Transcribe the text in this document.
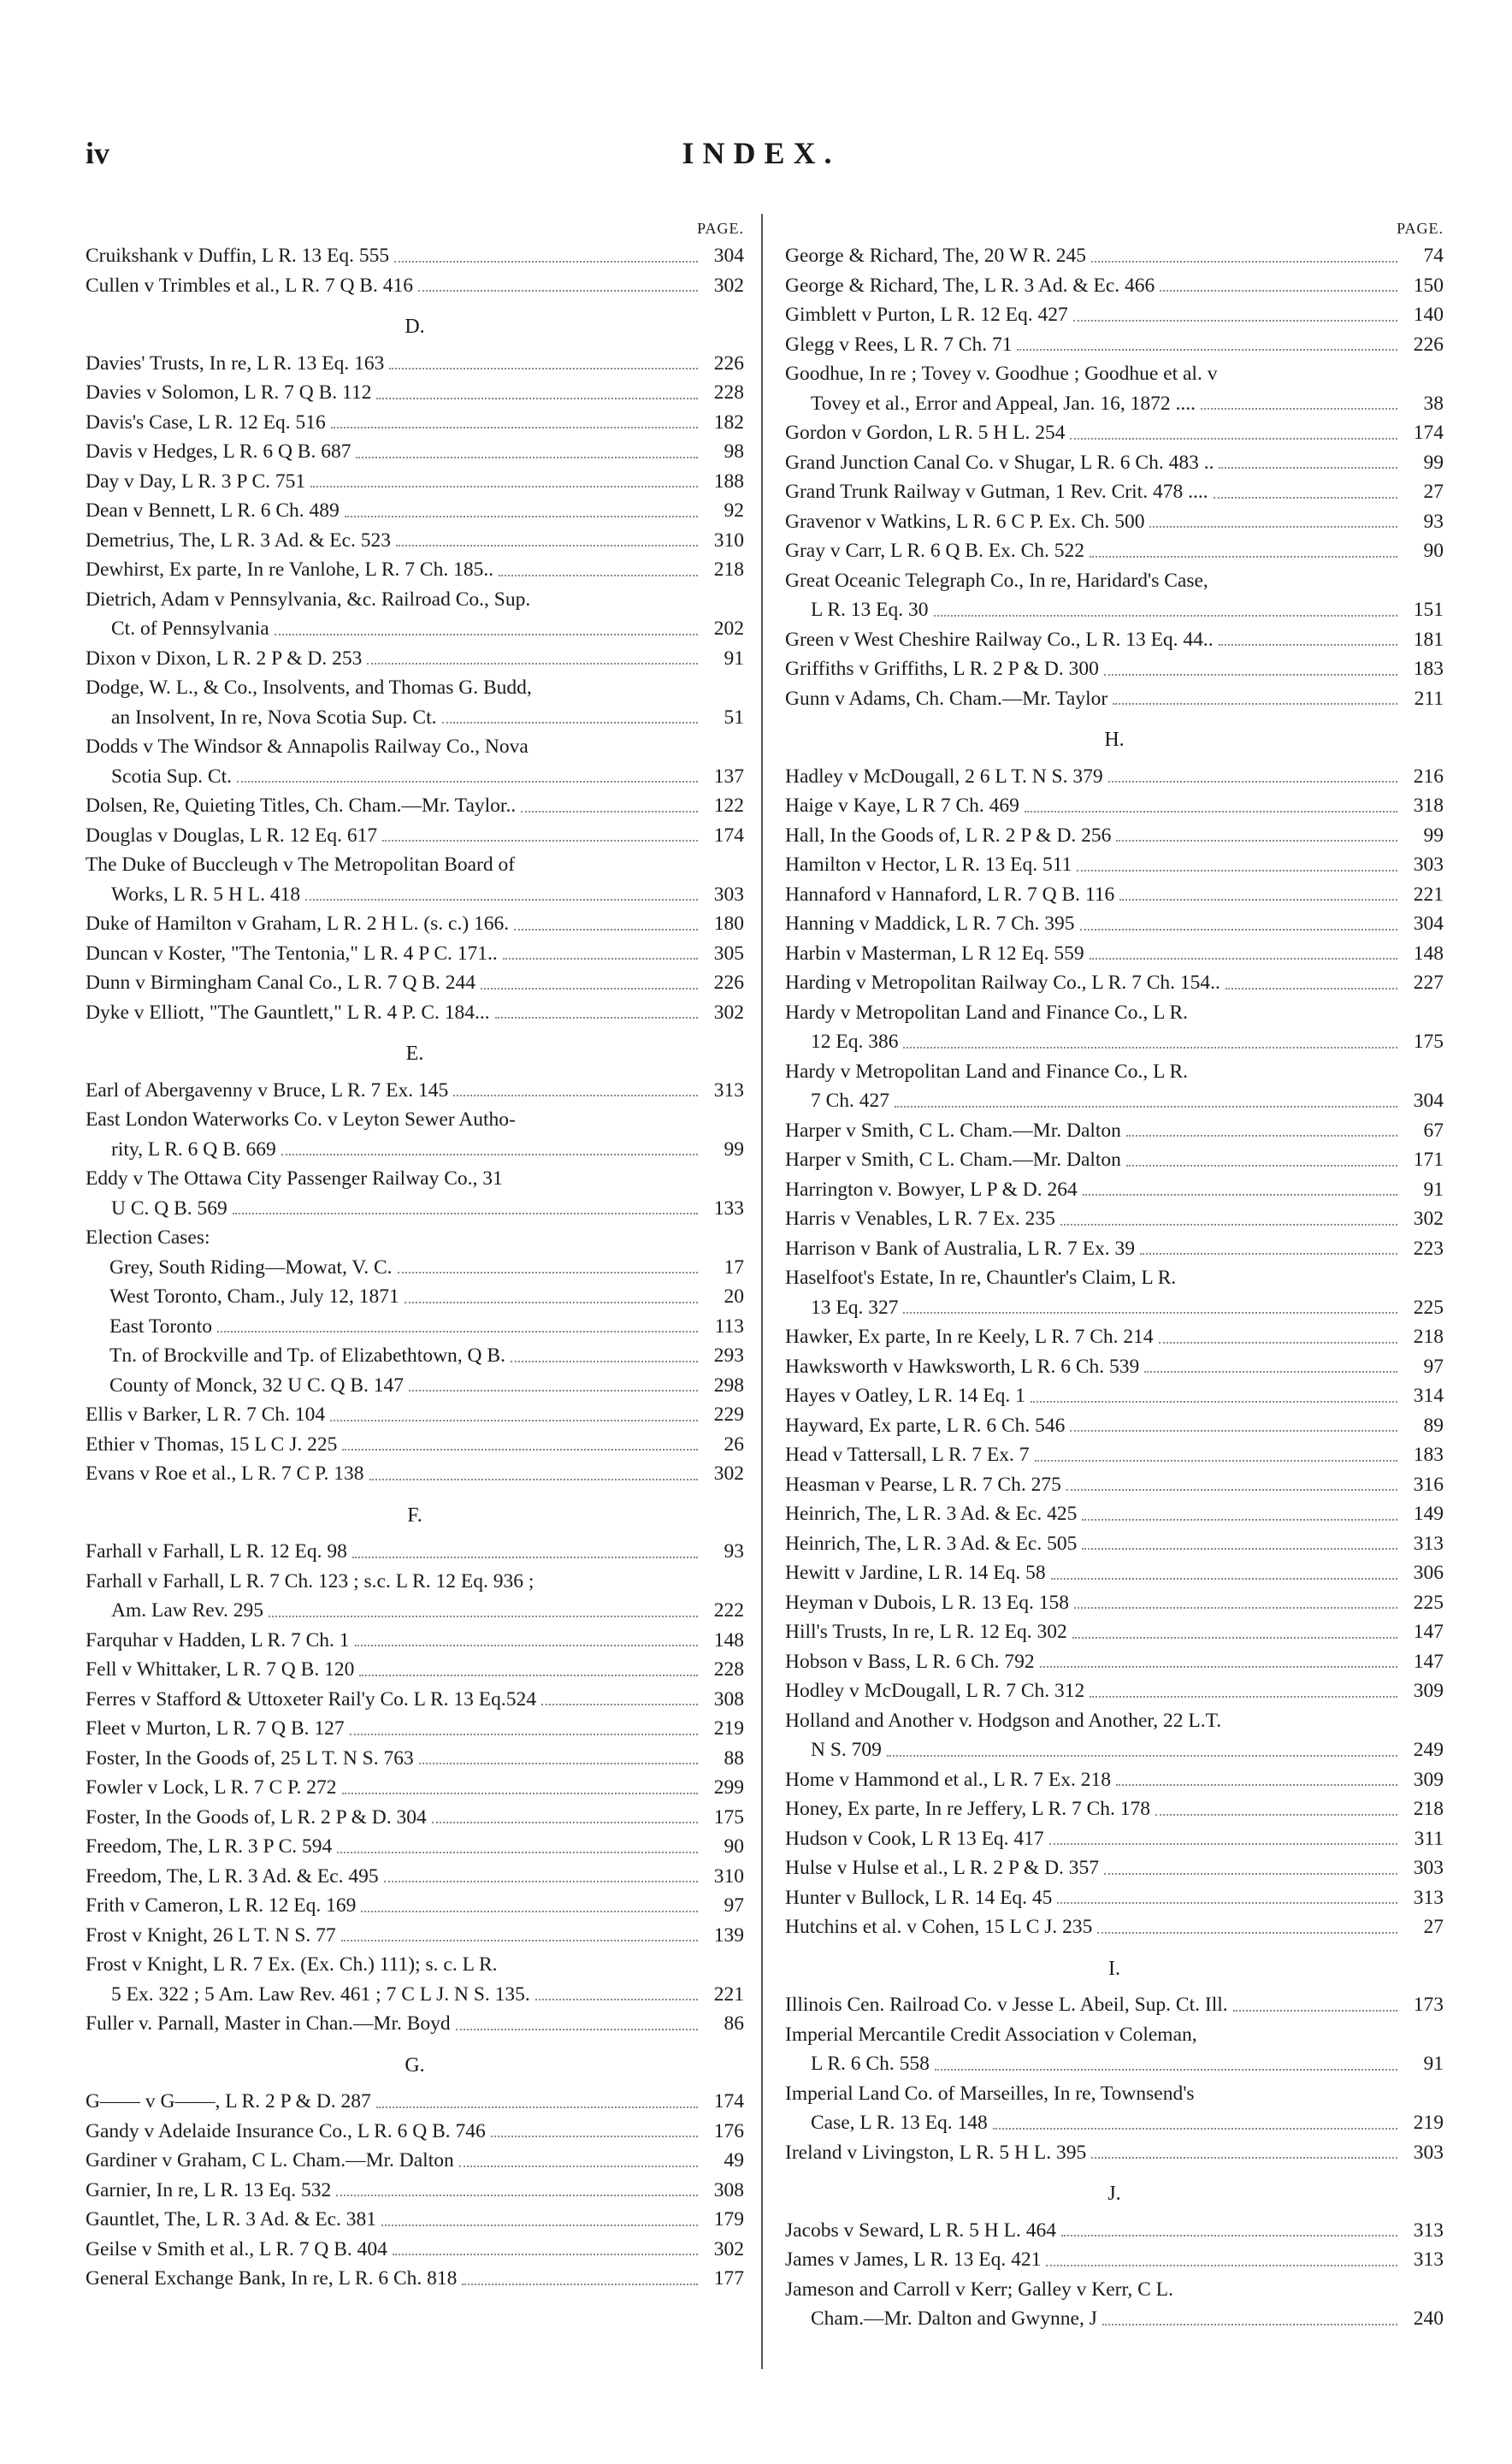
iv	INDEX.
PAGE.
Cruikshank v Duffin, L R. 13 Eq. 555	304
Cullen v Trimbles et al., L R. 7 Q B. 416	302
D.
Davies' Trusts, In re, L R. 13 Eq. 163	226
Davies v Solomon, L R. 7 Q B. 112	228
Davis's Case, L R. 12 Eq. 516	182
Davis v Hedges, L R. 6 Q B. 687	98
Day v Day, L R. 3 P C. 751	188
Dean v Bennett, L R. 6 Ch. 489	92
Demetrius, The, L R. 3 Ad. & Ec. 523	310
Dewhirst, Ex parte, In re Vanlohe, L R. 7 Ch. 185..	218
Dietrich, Adam v Pennsylvania, &c. Railroad Co., Sup.
Ct. of Pennsylvania	202
Dixon v Dixon, L R. 2 P & D. 253	91
Dodge, W. L., & Co., Insolvents, and Thomas G. Budd,
an Insolvent, In re, Nova Scotia Sup. Ct.	51
Dodds v The Windsor & Annapolis Railway Co., Nova
Scotia Sup. Ct.	137
Dolsen, Re, Quieting Titles, Ch. Cham.—Mr. Taylor..	122
Douglas v Douglas, L R. 12 Eq. 617	174
The Duke of Buccleugh v The Metropolitan Board of
Works, L R. 5 H L. 418	303
Duke of Hamilton v Graham, L R. 2 H L. (s. c.) 166.	180
Duncan v Koster, "The Tentonia," L R. 4 P C. 171..	305
Dunn v Birmingham Canal Co., L R. 7 Q B. 244	226
Dyke v Elliott, "The Gauntlett," L R. 4 P. C. 184...	302
E.
Earl of Abergavenny v Bruce, L R. 7 Ex. 145	313
East London Waterworks Co. v Leyton Sewer Autho-
rity, L R. 6 Q B. 669	99
Eddy v The Ottawa City Passenger Railway Co., 31
U C. Q B. 569	133
Election Cases:
Grey, South Riding—Mowat, V. C.	17
West Toronto, Cham., July 12, 1871	20
East Toronto	113
Tn. of Brockville and Tp. of Elizabethtown, Q B.	293
County of Monck, 32 U C. Q B. 147	298
Ellis v Barker, L R. 7 Ch. 104	229
Ethier v Thomas, 15 L C J. 225	26
Evans v Roe et al., L R. 7 C P. 138	302
F.
Farhall v Farhall, L R. 12 Eq. 98	93
Farhall v Farhall, L R. 7 Ch. 123 ; s.c. L R. 12 Eq. 936 ;
Am. Law Rev. 295	222
Farquhar v Hadden, L R. 7 Ch. 1	148
Fell v Whittaker, L R. 7 Q B. 120	228
Ferres v Stafford & Uttoxeter Rail'y Co. L R. 13 Eq.524	308
Fleet v Murton, L R. 7 Q B. 127	219
Foster, In the Goods of, 25 L T. N S. 763	88
Fowler v Lock, L R. 7 C P. 272	299
Foster, In the Goods of, L R. 2 P & D. 304	175
Freedom, The, L R. 3 P C. 594	90
Freedom, The, L R. 3 Ad. & Ec. 495	310
Frith v Cameron, L R. 12 Eq. 169	97
Frost v Knight, 26 L T. N S. 77	139
Frost v Knight, L R. 7 Ex. (Ex. Ch.) 111); s. c. L R.
5 Ex. 322 ; 5 Am. Law Rev. 461 ; 7 C L J. N S. 135.	221
Fuller v. Parnall, Master in Chan.—Mr. Boyd	86
G.
G—— v G——, L R. 2 P & D. 287	174
Gandy v Adelaide Insurance Co., L R. 6 Q B. 746	176
Gardiner v Graham, C L. Cham.—Mr. Dalton	49
Garnier, In re, L R. 13 Eq. 532	308
Gauntlet, The, L R. 3 Ad. & Ec. 381	179
Geilse v Smith et al., L R. 7 Q B. 404	302
General Exchange Bank, In re, L R. 6 Ch. 818	177
PAGE.
George & Richard, The, 20 W R. 245	74
George & Richard, The, L R. 3 Ad. & Ec. 466	150
Gimblett v Purton, L R. 12 Eq. 427	140
Glegg v Rees, L R. 7 Ch. 71	226
Goodhue, In re ; Tovey v. Goodhue ; Goodhue et al. v
Tovey et al., Error and Appeal, Jan. 16, 1872 ....	38
Gordon v Gordon, L R. 5 H L. 254	174
Grand Junction Canal Co. v Shugar, L R. 6 Ch. 483 ..	99
Grand Trunk Railway v Gutman, 1 Rev. Crit. 478 ....	27
Gravenor v Watkins, L R. 6 C P. Ex. Ch. 500	93
Gray v Carr, L R. 6 Q B. Ex. Ch. 522	90
Great Oceanic Telegraph Co., In re, Haridard's Case,
L R. 13 Eq. 30	151
Green v West Cheshire Railway Co., L R. 13 Eq. 44..	181
Griffiths v Griffiths, L R. 2 P & D. 300	183
Gunn v Adams, Ch. Cham.—Mr. Taylor	211
H.
Hadley v McDougall, 2 6 L T. N S. 379	216
Haige v Kaye, L R 7 Ch. 469	318
Hall, In the Goods of, L R. 2 P & D. 256	99
Hamilton v Hector, L R. 13 Eq. 511	303
Hannaford v Hannaford, L R. 7 Q B. 116	221
Hanning v Maddick, L R. 7 Ch. 395	304
Harbin v Masterman, L R 12 Eq. 559	148
Harding v Metropolitan Railway Co., L R. 7 Ch. 154..	227
Hardy v Metropolitan Land and Finance Co., L R.
12 Eq. 386	175
Hardy v Metropolitan Land and Finance Co., L R.
7 Ch. 427	304
Harper v Smith, C L. Cham.—Mr. Dalton	67
Harper v Smith, C L. Cham.—Mr. Dalton	171
Harrington v. Bowyer, L P & D. 264	91
Harris v Venables, L R. 7 Ex. 235	302
Harrison v Bank of Australia, L R. 7 Ex. 39	223
Haselfoot's Estate, In re, Chauntler's Claim, L R.
13 Eq. 327	225
Hawker, Ex parte, In re Keely, L R. 7 Ch. 214	218
Hawksworth v Hawksworth, L R. 6 Ch. 539	97
Hayes v Oatley, L R. 14 Eq. 1	314
Hayward, Ex parte, L R. 6 Ch. 546	89
Head v Tattersall, L R. 7 Ex. 7	183
Heasman v Pearse, L R. 7 Ch. 275	316
Heinrich, The, L R. 3 Ad. & Ec. 425	149
Heinrich, The, L R. 3 Ad. & Ec. 505	313
Hewitt v Jardine, L R. 14 Eq. 58	306
Heyman v Dubois, L R. 13 Eq. 158	225
Hill's Trusts, In re, L R. 12 Eq. 302	147
Hobson v Bass, L R. 6 Ch. 792	147
Hodley v McDougall, L R. 7 Ch. 312	309
Holland and Another v. Hodgson and Another, 22 L.T.
N S. 709	249
Home v Hammond et al., L R. 7 Ex. 218	309
Honey, Ex parte, In re Jeffery, L R. 7 Ch. 178	218
Hudson v Cook, L R 13 Eq. 417	311
Hulse v Hulse et al., L R. 2 P & D. 357	303
Hunter v Bullock, L R. 14 Eq. 45	313
Hutchins et al. v Cohen, 15 L C J. 235	27
I.
Illinois Cen. Railroad Co. v Jesse L. Abeil, Sup. Ct. Ill.	173
Imperial Mercantile Credit Association v Coleman,
L R. 6 Ch. 558	91
Imperial Land Co. of Marseilles, In re, Townsend's
Case, L R. 13 Eq. 148	219
Ireland v Livingston, L R. 5 H L. 395	303
J.
Jacobs v Seward, L R. 5 H L. 464	313
James v James, L R. 13 Eq. 421	313
Jameson and Carroll v Kerr; Galley v Kerr, C L.
Cham.—Mr. Dalton and Gwynne, J	240
